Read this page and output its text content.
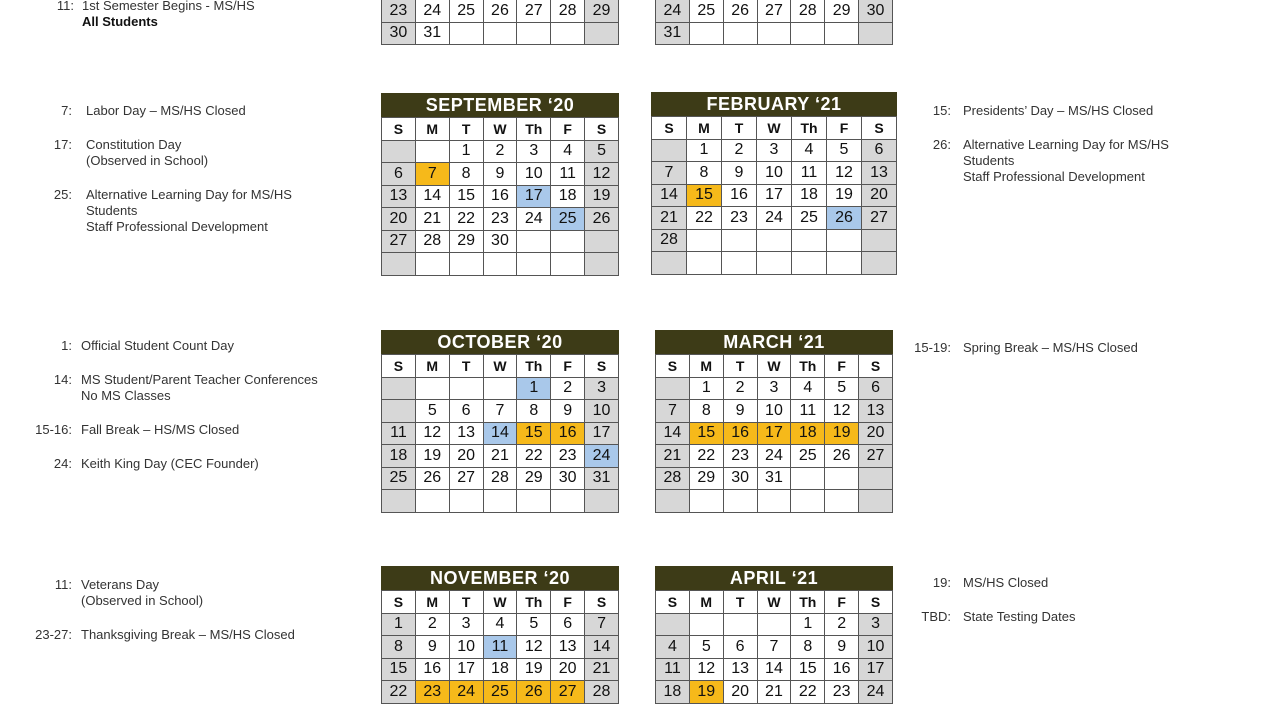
23	24	25	26	27	28	29
30	31					
24	25	26	27	28	29	30
31						
11: 1st Semester Begins - MS/HS
All Students
SEPTEMBER ‘20
S	M	T	W	Th	F	S
		1	2	3	4	5
6	7	8	9	10	11	12
13	14	15	16	17	18	19
20	21	22	23	24	25	26
27	28	29	30			

FEBRUARY ‘21
S	M	T	W	Th	F	S
	1	2	3	4	5	6
7	8	9	10	11	12	13
14	15	16	17	18	19	20
21	22	23	24	25	26	27
28						

OCTOBER ‘20
S	M	T	W	Th	F	S
				1	2	3
	5	6	7	8	9	10
11	12	13	14	15	16	17
18	19	20	21	22	23	24
25	26	27	28	29	30	31

MARCH ‘21
S	M	T	W	Th	F	S
	1	2	3	4	5	6
7	8	9	10	11	12	13
14	15	16	17	18	19	20
21	22	23	24	25	26	27
28	29	30	31			

NOVEMBER ‘20
S	M	T	W	Th	F	S
1	2	3	4	5	6	7
8	9	10	11	12	13	14
15	16	17	18	19	20	21
22	23	24	25	26	27	28
APRIL ‘21
S	M	T	W	Th	F	S
				1	2	3
4	5	6	7	8	9	10
11	12	13	14	15	16	17
18	19	20	21	22	23	24
7: Labor Day – MS/HS Closed
17: Constitution Day
(Observed in School)
25: Alternative Learning Day for MS/HS
Students
Staff Professional Development
15: Presidents’ Day – MS/HS Closed
26: Alternative Learning Day for MS/HS
Students
Staff Professional Development
1: Official Student Count Day
14: MS Student/Parent Teacher Conferences
No MS Classes
15-16: Fall Break – HS/MS Closed
24: Keith King Day (CEC Founder)
15-19: Spring Break – MS/HS Closed
11: Veterans Day
(Observed in School)
23-27: Thanksgiving Break – MS/HS Closed
19: MS/HS Closed
TBD: State Testing Dates
